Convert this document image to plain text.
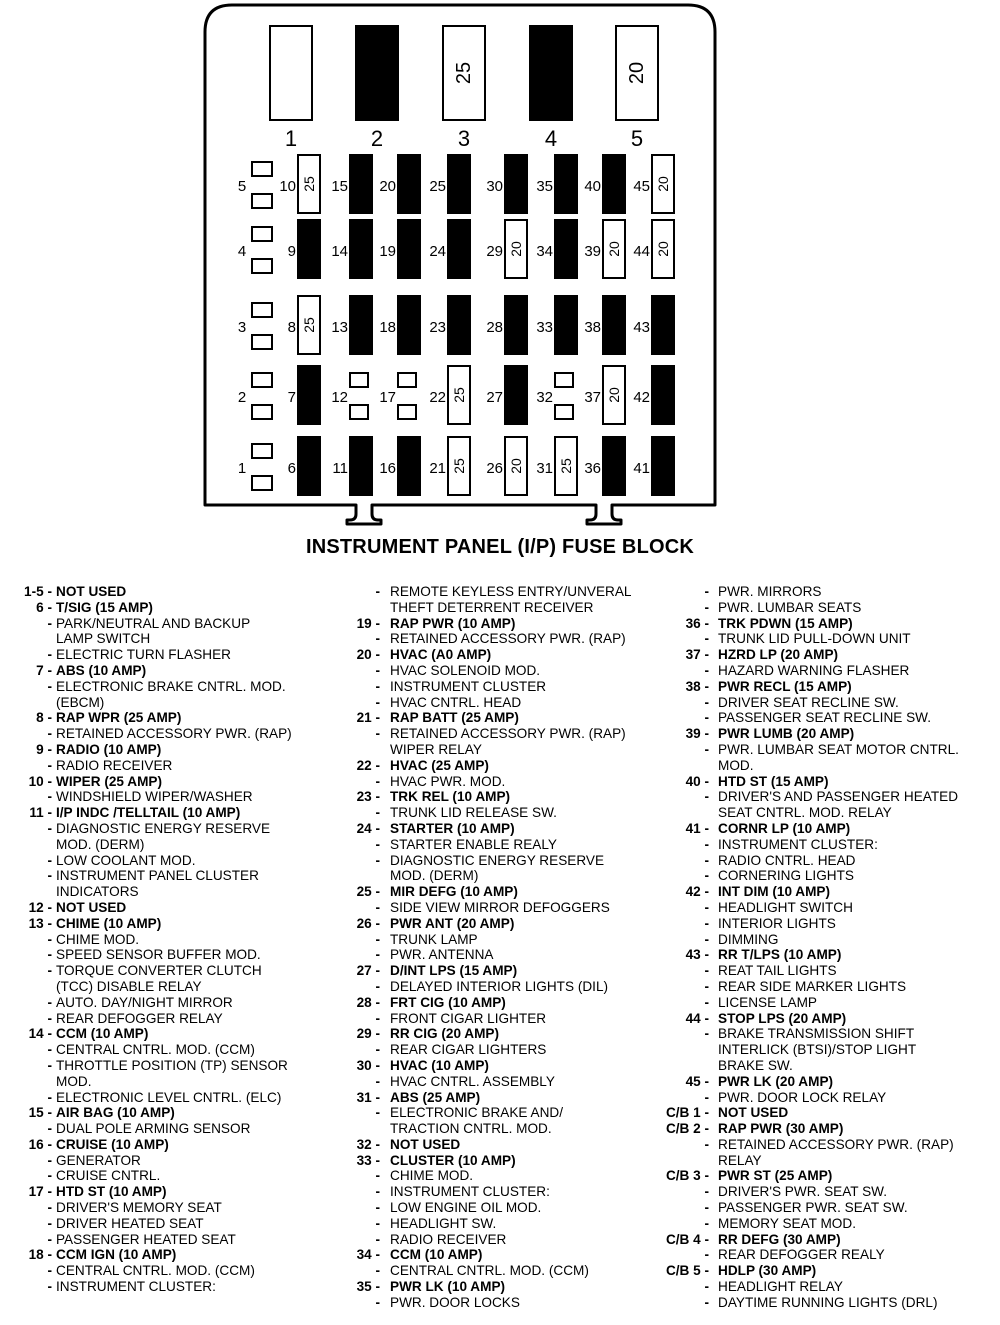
1	2
25
3	4
20
5
5
4
3
2
1
25
10 15 20 25	30 35 40	20
45
9 14 19 24	20
29 34	20
39	20
44
25
8 13 18 23	28 33 38 43
7 12 17	25
22	27 32	20
37 42
6 11 16	25
21	20
26	25
31 36 41
INSTRUMENT PANEL (I/P) FUSE BLOCK
1-5 - NOT USED
6 - T/SIG (15 AMP)
- PARK/NEUTRAL AND BACKUP
LAMP SWITCH
- ELECTRIC TURN FLASHER
7 - ABS (10 AMP)
- ELECTRONIC BRAKE CNTRL. MOD.
(EBCM)
8 - RAP WPR (25 AMP)
- RETAINED ACCESSORY PWR. (RAP)
9 - RADIO (10 AMP)
- RADIO RECEIVER
10 - WIPER (25 AMP)
- WINDSHIELD WIPER/WASHER
11 - I/P INDC /TELLTAIL (10 AMP)
- DIAGNOSTIC ENERGY RESERVE
MOD. (DERM)
- LOW COOLANT MOD.
- INSTRUMENT PANEL CLUSTER
INDICATORS
12 - NOT USED
13 - CHIME (10 AMP)
- CHIME MOD.
- SPEED SENSOR BUFFER MOD.
- TORQUE CONVERTER CLUTCH
(TCC) DISABLE RELAY
- AUTO. DAY/NIGHT MIRROR
- REAR DEFOGGER RELAY
14 - CCM (10 AMP)
- CENTRAL CNTRL. MOD. (CCM)
- THROTTLE POSITION (TP) SENSOR
MOD.
- ELECTRONIC LEVEL CNTRL. (ELC)
15 - AIR BAG (10 AMP)
- DUAL POLE ARMING SENSOR
16 - CRUISE (10 AMP)
- GENERATOR
- CRUISE CNTRL.
17 - HTD ST (10 AMP)
- DRIVER'S MEMORY SEAT
- DRIVER HEATED SEAT
- PASSENGER HEATED SEAT
18 - CCM IGN (10 AMP)
- CENTRAL CNTRL. MOD. (CCM)
- INSTRUMENT CLUSTER:
- REMOTE KEYLESS ENTRY/UNVERAL
THEFT DETERRENT RECEIVER
19 - RAP PWR (10 AMP)
- RETAINED ACCESSORY PWR. (RAP)
20 - HVAC (A0 AMP)
- HVAC SOLENOID MOD.
- INSTRUMENT CLUSTER
- HVAC CNTRL. HEAD
21 - RAP BATT (25 AMP)
- RETAINED ACCESSORY PWR. (RAP)
WIPER RELAY
22 - HVAC (25 AMP)
- HVAC PWR. MOD.
23 - TRK REL (10 AMP)
- TRUNK LID RELEASE SW.
24 - STARTER (10 AMP)
- STARTER ENABLE REALY
- DIAGNOSTIC ENERGY RESERVE
MOD. (DERM)
25 - MIR DEFG (10 AMP)
- SIDE VIEW MIRROR DEFOGGERS
26 - PWR ANT (20 AMP)
- TRUNK LAMP
- PWR. ANTENNA
27 - D/INT LPS (15 AMP)
- DELAYED INTERIOR LIGHTS (DIL)
28 - FRT CIG (10 AMP)
- FRONT CIGAR LIGHTER
29 - RR CIG (20 AMP)
- REAR CIGAR LIGHTERS
30 - HVAC (10 AMP)
- HVAC CNTRL. ASSEMBLY
31 - ABS (25 AMP)
- ELECTRONIC BRAKE AND/
TRACTION CNTRL. MOD.
32 - NOT USED
33 - CLUSTER (10 AMP)
- CHIME MOD.
- INSTRUMENT CLUSTER:
- LOW ENGINE OIL MOD.
- HEADLIGHT SW.
- RADIO RECEIVER
34 - CCM (10 AMP)
- CENTRAL CNTRL. MOD. (CCM)
35 - PWR LK (10 AMP)
- PWR. DOOR LOCKS
- PWR. MIRRORS
- PWR. LUMBAR SEATS
36 - TRK PDWN (15 AMP)
- TRUNK LID PULL-DOWN UNIT
37 - HZRD LP (20 AMP)
- HAZARD WARNING FLASHER
38 - PWR RECL (15 AMP)
- DRIVER SEAT RECLINE SW.
- PASSENGER SEAT RECLINE SW.
39 - PWR LUMB (20 AMP)
- PWR. LUMBAR SEAT MOTOR CNTRL.
MOD.
40 - HTD ST (15 AMP)
- DRIVER'S AND PASSENGER HEATED
SEAT CNTRL. MOD. RELAY
41 - CORNR LP (10 AMP)
- INSTRUMENT CLUSTER:
- RADIO CNTRL. HEAD
- CORNERING LIGHTS
42 - INT DIM (10 AMP)
- HEADLIGHT SWITCH
- INTERIOR LIGHTS
- DIMMING
43 - RR T/LPS (10 AMP)
- REAT TAIL LIGHTS
- REAR SIDE MARKER LIGHTS
- LICENSE LAMP
44 - STOP LPS (20 AMP)
- BRAKE TRANSMISSION SHIFT
INTERLICK (BTSI)/STOP LIGHT
BRAKE SW.
45 - PWR LK (20 AMP)
- PWR. DOOR LOCK RELAY
C/B 1 - NOT USED
C/B 2 - RAP PWR (30 AMP)
- RETAINED ACCESSORY PWR. (RAP)
RELAY
C/B 3 - PWR ST (25 AMP)
- DRIVER'S PWR. SEAT SW.
- PASSENGER PWR. SEAT SW.
- MEMORY SEAT MOD.
C/B 4 - RR DEFG (30 AMP)
- REAR DEFOGGER REALY
C/B 5 - HDLP (30 AMP)
- HEADLIGHT RELAY
- DAYTIME RUNNING LIGHTS (DRL)
